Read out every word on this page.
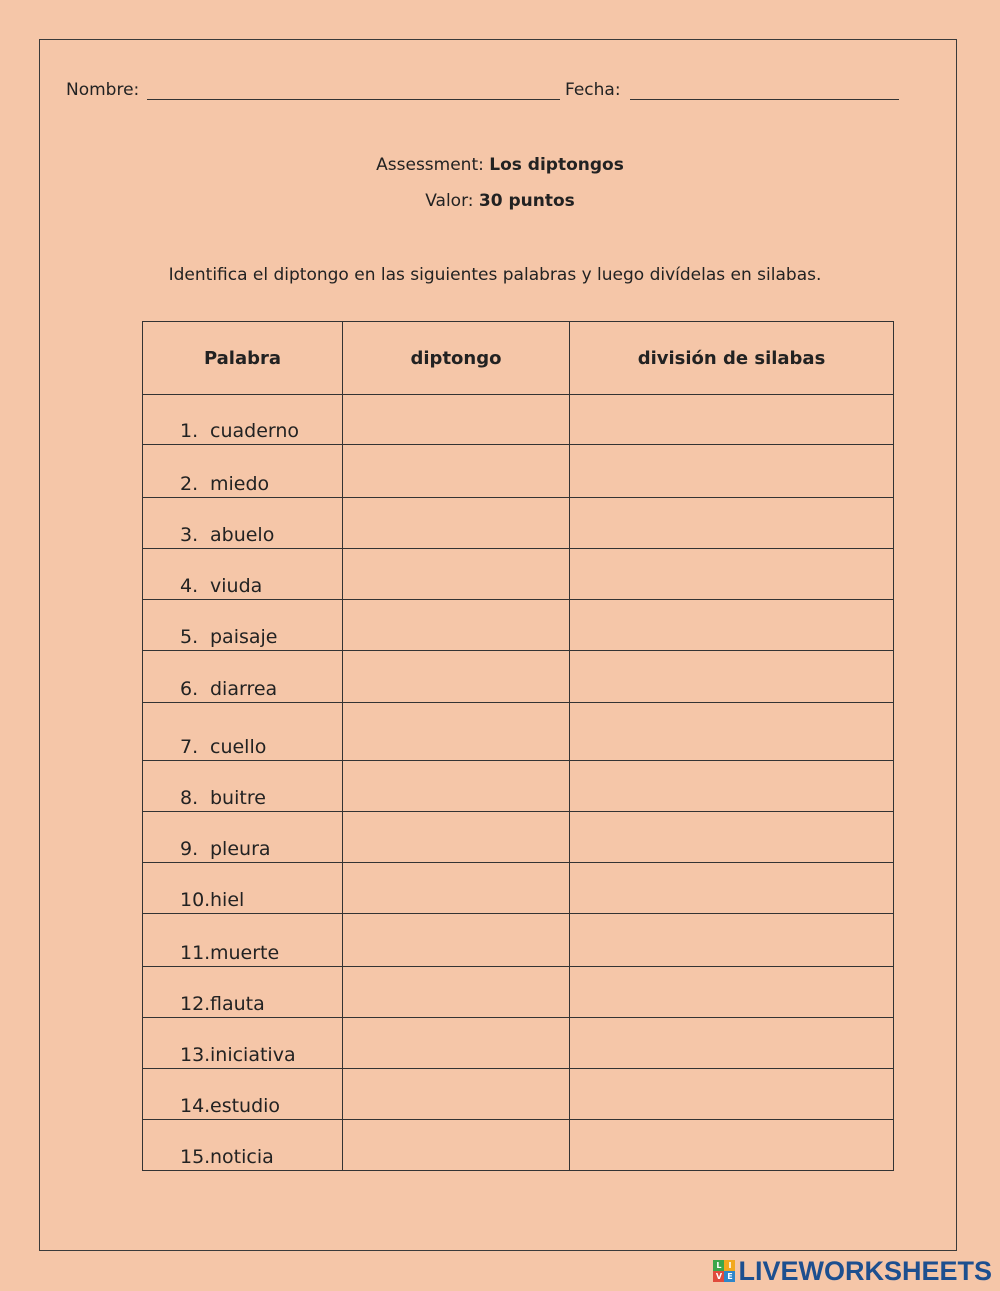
Nombre:	Fecha:
Assessment: Los diptongos
Valor: 30 puntos
Identifica el diptongo en las siguientes palabras y luego divídelas en silabas.
Palabra	diptongo	división de silabas
1. cuaderno		
2. miedo		
3. abuelo		
4. viuda		
5. paisaje		
6. diarrea		
7. cuello		
8. buitre		
9. pleura		
10.hiel		
11.muerte		
12.flauta		
13.iniciativa		
14.estudio		
15.noticia		
L I
V E LIVEWORKSHEETS
